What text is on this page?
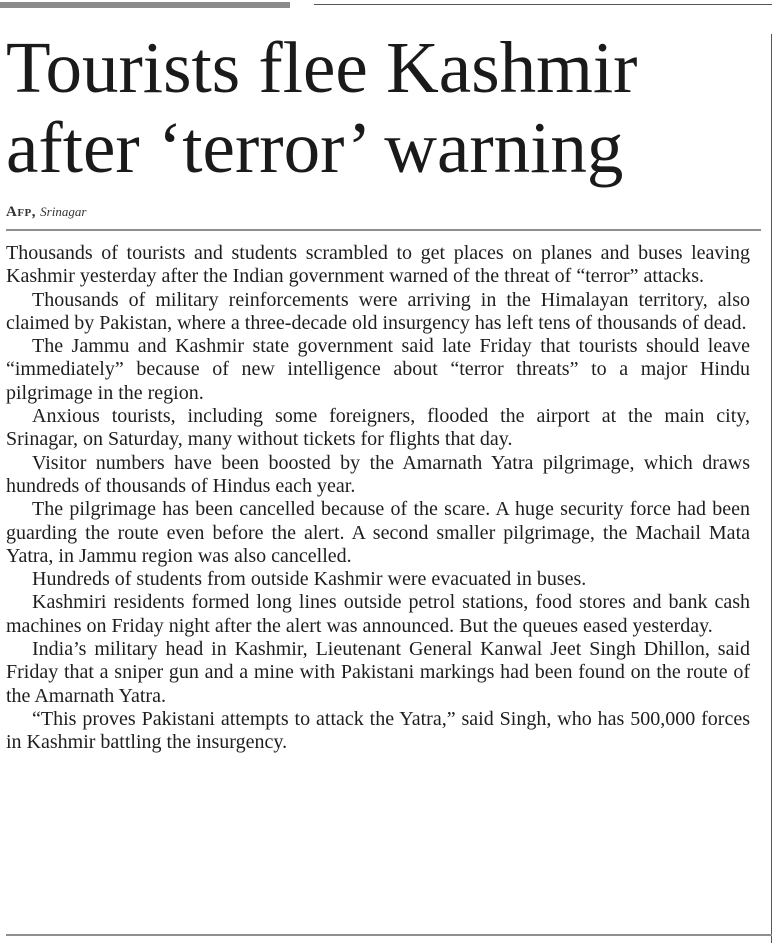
Tourists flee Kashmir after ‘terror’ warning
Afp, Srinagar

Thousands of tourists and students scrambled to get places on planes and buses leaving Kashmir yesterday after the Indian government warned of the threat of “terror” attacks.

Thousands of military reinforcements were arriving in the Himalayan territory, also claimed by Pakistan, where a three-decade old insurgency has left tens of thousands of dead.

The Jammu and Kashmir state government said late Friday that tourists should leave “immediately” because of new intelligence about “terror threats” to a major Hindu pilgrimage in the region.

Anxious tourists, including some foreigners, flooded the airport at the main city, Srinagar, on Saturday, many without tickets for flights that day.

Visitor numbers have been boosted by the Amarnath Yatra pilgrimage, which draws hundreds of thousands of Hindus each year.

The pilgrimage has been cancelled because of the scare. A huge security force had been guarding the route even before the alert. A second smaller pilgrimage, the Machail Mata Yatra, in Jammu region was also cancelled.

Hundreds of students from outside Kashmir were evacuated in buses.

Kashmiri residents formed long lines outside petrol stations, food stores and bank cash machines on Friday night after the alert was announced. But the queues eased yesterday.

India’s military head in Kashmir, Lieutenant General Kanwal Jeet Singh Dhillon, said Friday that a sniper gun and a mine with Pakistani markings had been found on the route of the Amarnath Yatra.

“This proves Pakistani attempts to attack the Yatra,” said Singh, who has 500,000 forces in Kashmir battling the insurgency.
